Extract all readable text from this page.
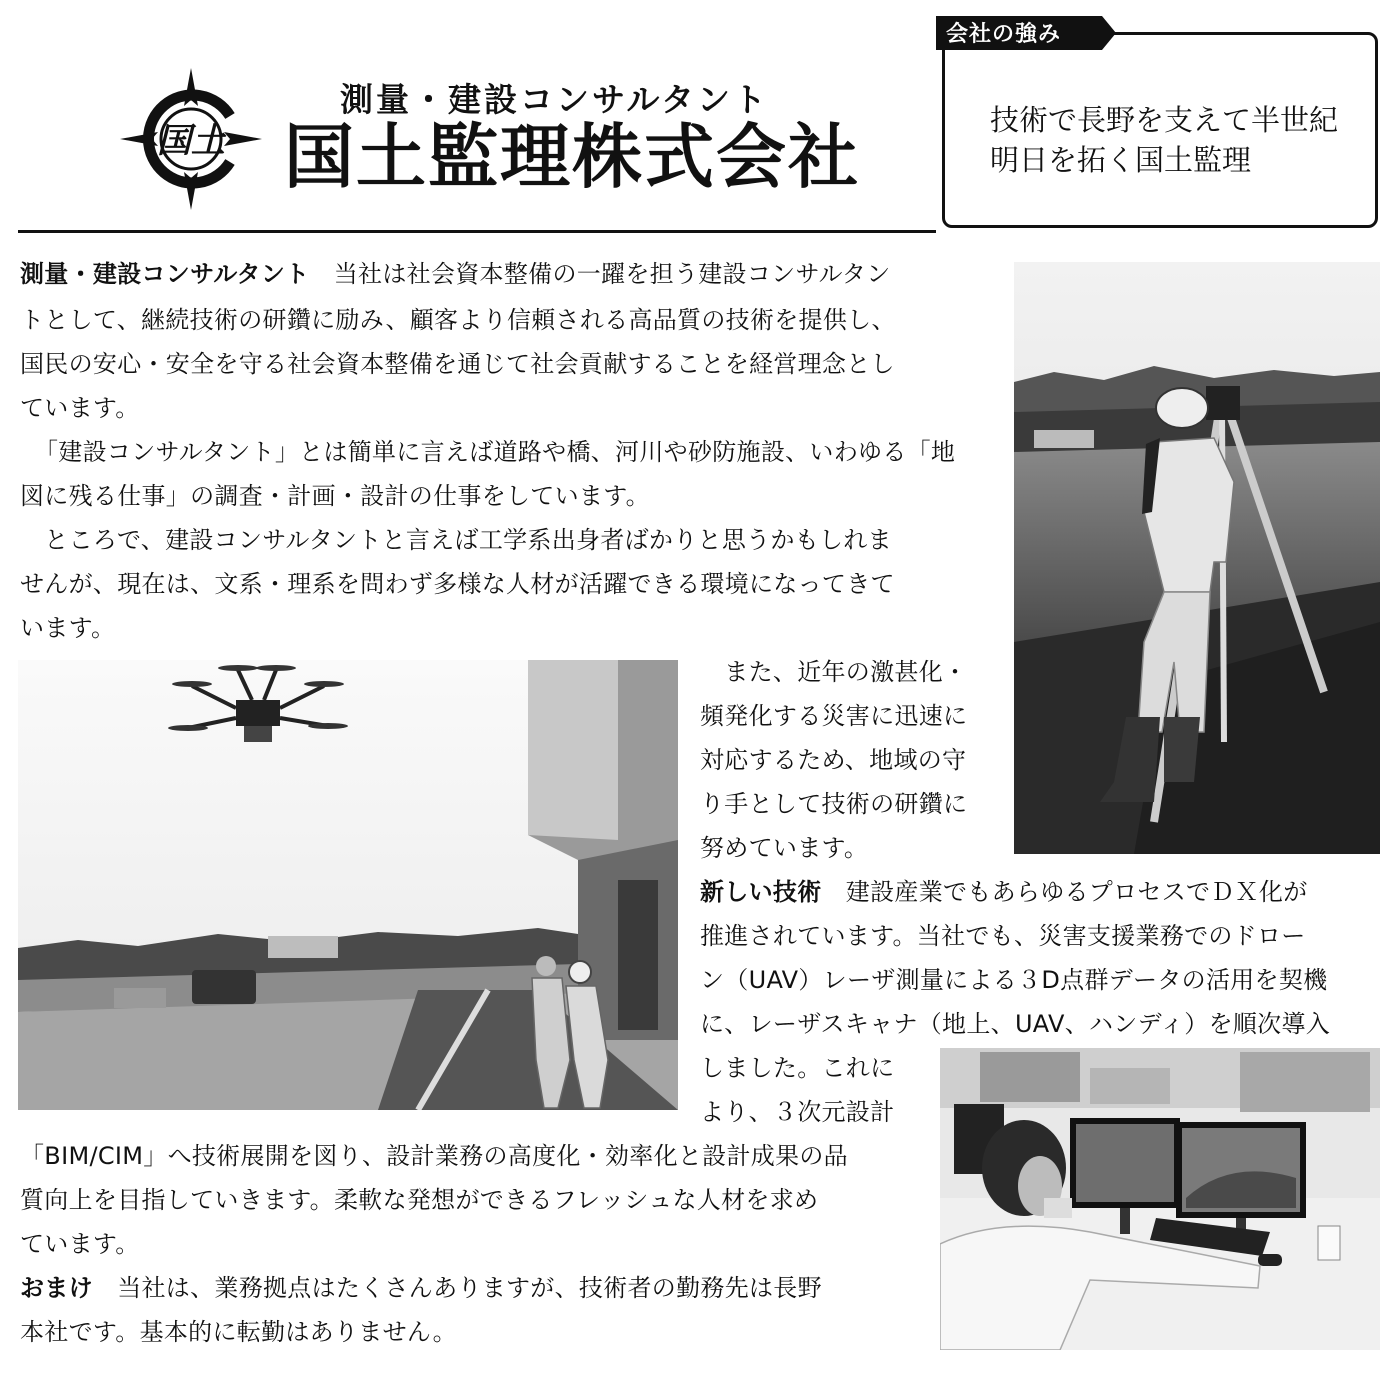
国土
測量・建設コンサルタント
国土監理株式会社
会社の強み
技術で長野を支えて半世紀
明日を拓く国土監理
測量・建設コンサルタント　当社は社会資本整備の一躍を担う建設コンサルタン
トとして、継続技術の研鑽に励み、顧客より信頼される高品質の技術を提供し、
国民の安心・安全を守る社会資本整備を通じて社会貢献することを経営理念とし
ています。
「建設コンサルタント」とは簡単に言えば道路や橋、河川や砂防施設、いわゆる「地
図に残る仕事」の調査・計画・設計の仕事をしています。
　ところで、建設コンサルタントと言えば工学系出身者ばかりと思うかもしれま
せんが、現在は、文系・理系を問わず多様な人材が活躍できる環境になってきて
います。
　また、近年の激甚化・
頻発化する災害に迅速に
対応するため、地域の守
り手として技術の研鑽に
努めています。
新しい技術　建設産業でもあらゆるプロセスでＤＸ化が
推進されています。当社でも、災害支援業務でのドロー
ン（UAV）レーザ測量による３D点群データの活用を契機
に、レーザスキャナ（地上、UAV、ハンディ）を順次導入
しました。これに
より、３次元設計
「BIM/CIM」へ技術展開を図り、設計業務の高度化・効率化と設計成果の品
質向上を目指していきます。柔軟な発想ができるフレッシュな人材を求め
ています。
おまけ　当社は、業務拠点はたくさんありますが、技術者の勤務先は長野
本社です。基本的に転勤はありません。
